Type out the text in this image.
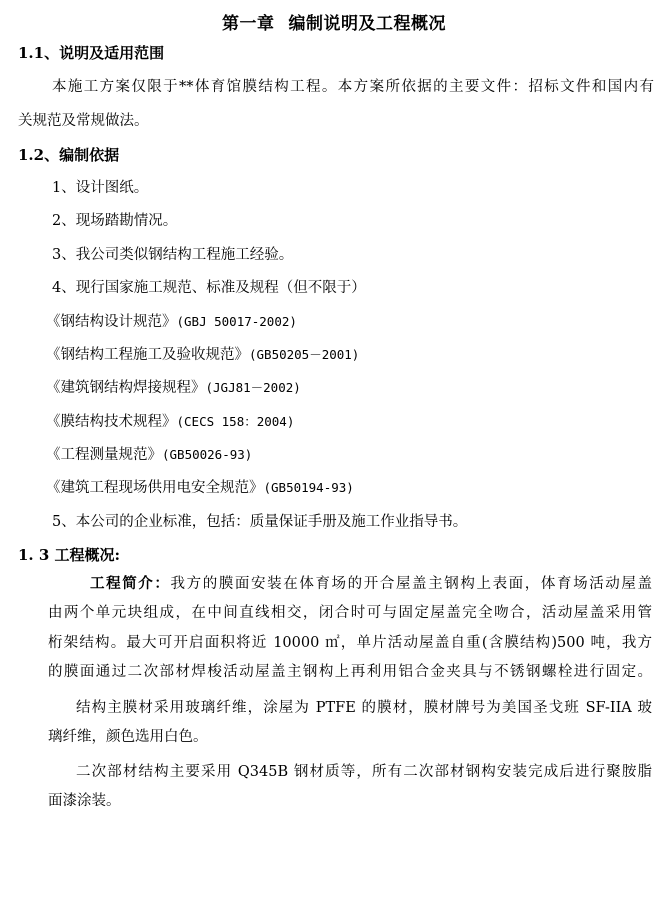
第一章 编制说明及工程概况
1.1、说明及适用范围
本施工方案仅限于**体育馆膜结构工程。本方案所依据的主要文件：招标文件和国内有
关规范及常规做法。
1.2、编制依据
1、设计图纸。
2、现场踏勘情况。
3、我公司类似钢结构工程施工经验。
4、现行国家施工规范、标准及规程（但不限于）
《钢结构设计规范》(GBJ 50017-2002)
《钢结构工程施工及验收规范》(GB50205－2001)
《建筑钢结构焊接规程》(JGJ81－2002)
《膜结构技术规程》(CECS 158：2004)
《工程测量规范》(GB50026-93)
《建筑工程现场供用电安全规范》(GB50194-93)
5、本公司的企业标准，包括：质量保证手册及施工作业指导书。
1. 3 工程概况:
工程简介：我方的膜面安装在体育场的开合屋盖主钢构上表面，体育场活动屋盖
由两个单元块组成，在中间直线相交，闭合时可与固定屋盖完全吻合，活动屋盖采用管
桁架结构。最大可开启面积将近 10000 ㎡，单片活动屋盖自重(含膜结构)500 吨，我方
的膜面通过二次部材焊梭活动屋盖主钢构上再利用铝合金夹具与不锈钢螺栓进行固定。
结构主膜材采用玻璃纤维，涂屋为 PTFE 的膜材，膜材牌号为美国圣戈班 SF-IIA 玻
璃纤维，颜色选用白色。
二次部材结构主要采用 Q345B 钢材质等，所有二次部材钢构安装完成后进行聚胺脂
面漆涂装。
